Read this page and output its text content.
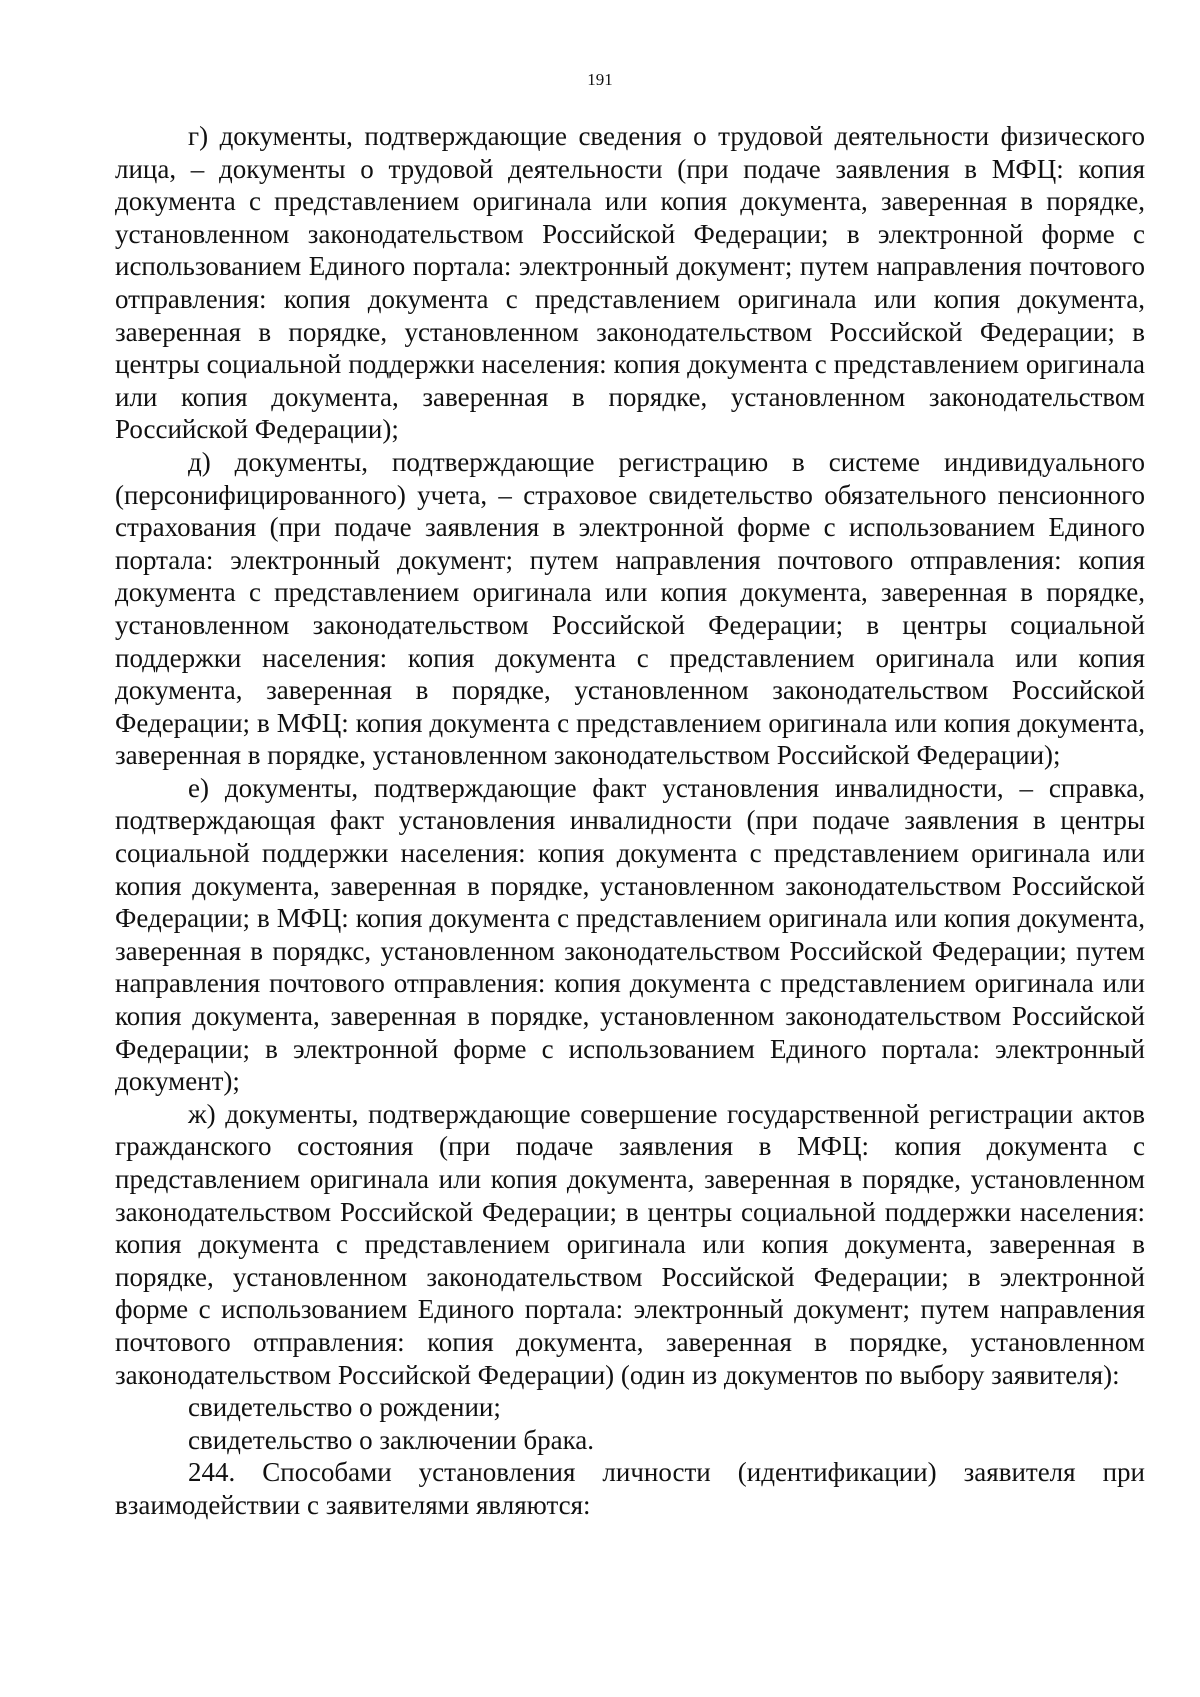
191

г) документы, подтверждающие сведения о трудовой деятельности физического лица, – документы о трудовой деятельности (при подаче заявления в МФЦ: копия документа с представлением оригинала или копия документа, заверенная в порядке, установленном законодательством Российской Федерации; в электронной форме с использованием Единого портала: электронный документ; путем направления почтового отправления: копия документа с представлением оригинала или копия документа, заверенная в порядке, установленном законодательством Российской Федерации; в центры социальной поддержки населения: копия документа с представлением оригинала или копия документа, заверенная в порядке, установленном законодательством Российской Федерации);

д) документы, подтверждающие регистрацию в системе индивидуального (персонифицированного) учета, – страховое свидетельство обязательного пенсионного страхования (при подаче заявления в электронной форме с использованием Единого портала: электронный документ; путем направления почтового отправления: копия документа с представлением оригинала или копия документа, заверенная в порядке, установленном законодательством Российской Федерации; в центры социальной поддержки населения: копия документа с представлением оригинала или копия документа, заверенная в порядке, установленном законодательством Российской Федерации; в МФЦ: копия документа с представлением оригинала или копия документа, заверенная в порядке, установленном законодательством Российской Федерации);

е) документы, подтверждающие факт установления инвалидности, – справка, подтверждающая факт установления инвалидности (при подаче заявления в центры социальной поддержки населения: копия документа с представлением оригинала или копия документа, заверенная в порядке, установленном законодательством Российской Федерации; в МФЦ: копия документа с представлением оригинала или копия документа, заверенная в порядкс, установленном законодательством Российской Федерации; путем направления почтового отправления: копия документа с представлением оригинала или копия документа, заверенная в порядке, установленном законодательством Российской Федерации; в электронной форме с использованием Единого портала: электронный документ);

ж) документы, подтверждающие совершение государственной регистрации актов гражданского состояния (при подаче заявления в МФЦ: копия документа с представлением оригинала или копия документа, заверенная в порядке, установленном законодательством Российской Федерации; в центры социальной поддержки населения: копия документа с представлением оригинала или копия документа, заверенная в порядке, установленном законодательством Российской Федерации; в электронной форме с использованием Единого портала: электронный документ; путем направления почтового отправления: копия документа, заверенная в порядке, установленном законодательством Российской Федерации) (один из документов по выбору заявителя):

свидетельство о рождении;

свидетельство о заключении брака.

244. Способами установления личности (идентификации) заявителя при взаимодействии с заявителями являются:
